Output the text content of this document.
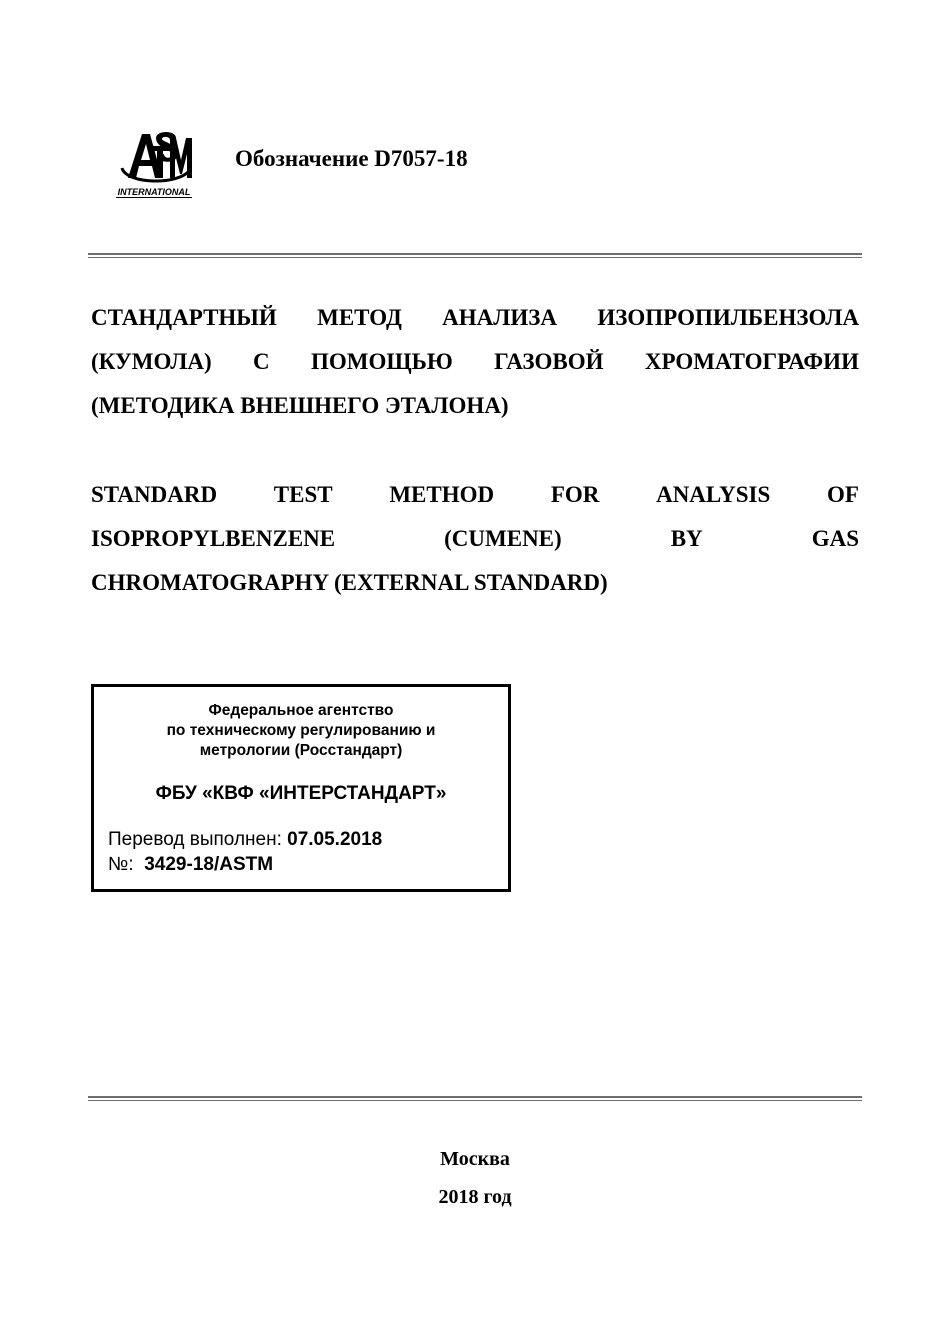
INTERNATIONAL
Обозначение D7057-18
СТАНДАРТНЫЙ МЕТОД АНАЛИЗА ИЗОПРОПИЛБЕНЗОЛА
(КУМОЛА) С ПОМОЩЬЮ ГАЗОВОЙ ХРОМАТОГРАФИИ
(МЕТОДИКА ВНЕШНЕГО ЭТАЛОНА)
STANDARD TEST METHOD FOR ANALYSIS OF
ISOPROPYLBENZENE	(CUMENE)	BY	GAS
CHROMATOGRAPHY (EXTERNAL STANDARD)
Федеральное агентство
по техническому регулированию и
метрологии (Росстандарт)
ФБУ «КВФ «ИНТЕРСТАНДАРТ»
Перевод выполнен: 07.05.2018
№: 3429-18/ASTM
Москва
2018 год
